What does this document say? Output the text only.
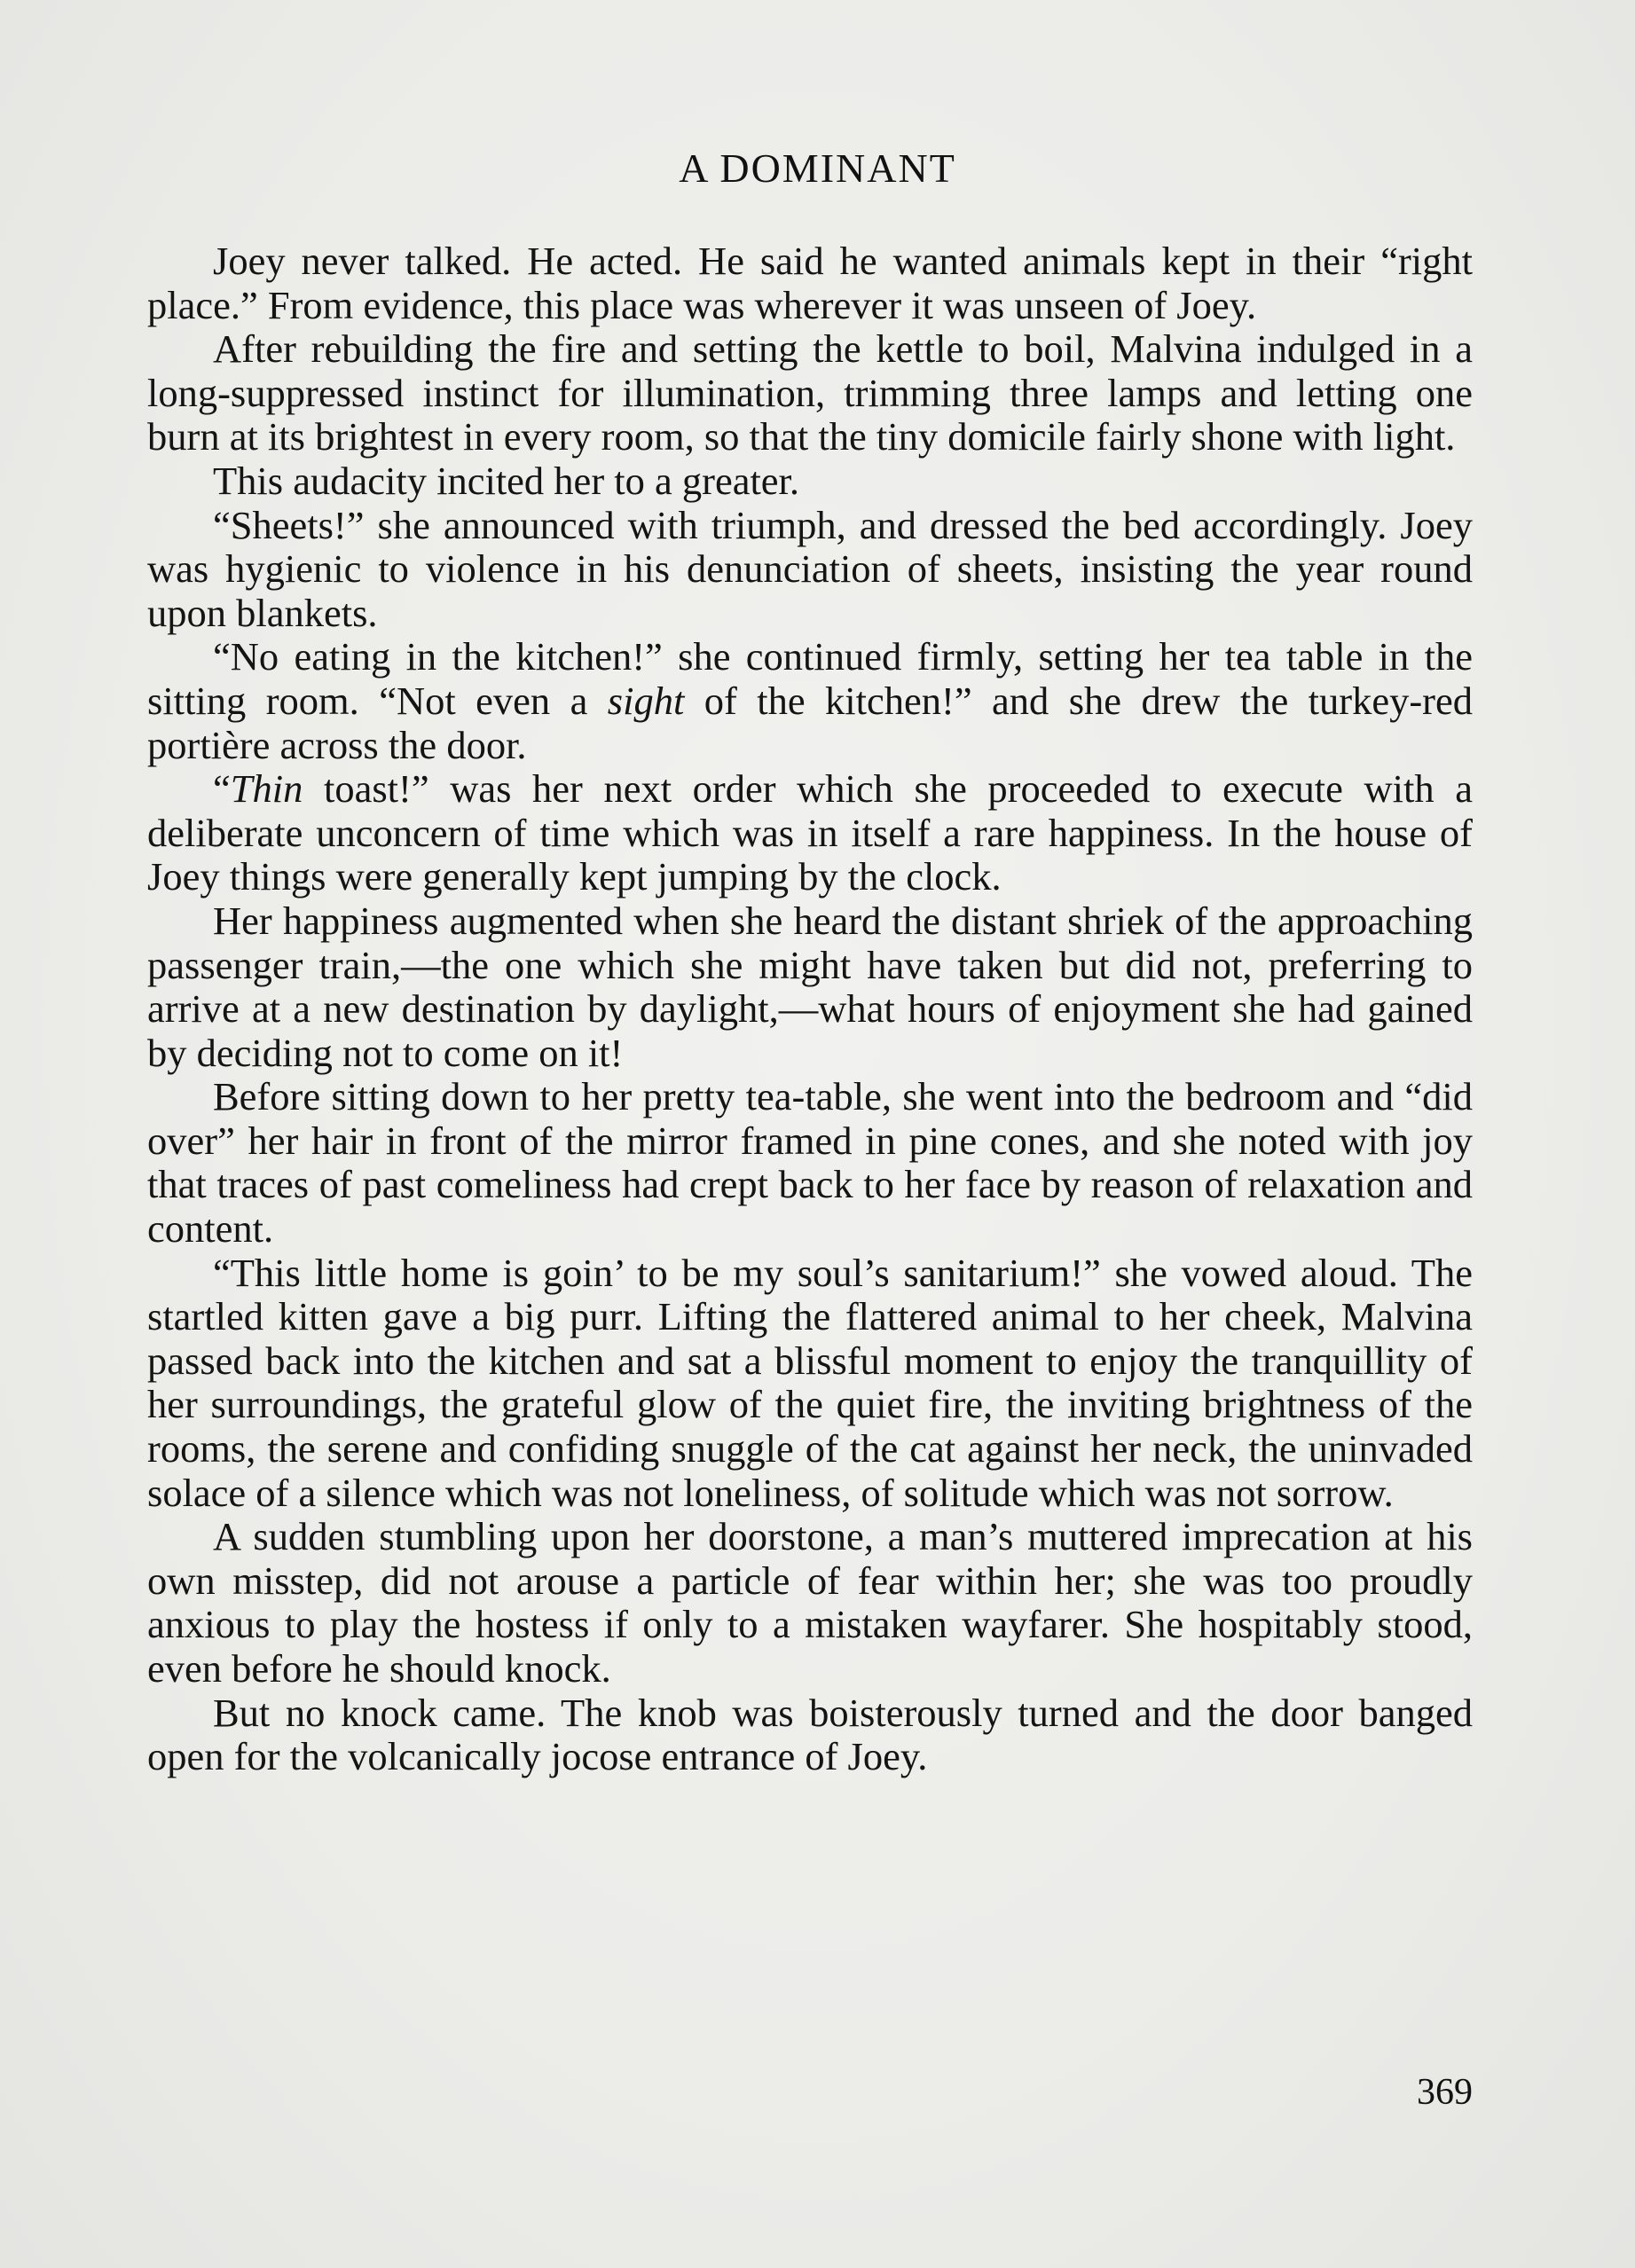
A DOMINANT

Joey never talked. He acted. He said he wanted animals kept in their “right place.” From evidence, this place was wherever it was unseen of Joey.

After rebuilding the fire and setting the kettle to boil, Malvina indulged in a long-suppressed instinct for illumination, trimming three lamps and letting one burn at its brightest in every room, so that the tiny domicile fairly shone with light.

This audacity incited her to a greater.

“Sheets!” she announced with triumph, and dressed the bed accordingly. Joey was hygienic to violence in his denunciation of sheets, insisting the year round upon blankets.

“No eating in the kitchen!” she continued firmly, setting her tea table in the sitting room. “Not even a sight of the kitchen!” and she drew the turkey-red portière across the door.

“Thin toast!” was her next order which she proceeded to execute with a deliberate unconcern of time which was in itself a rare happiness. In the house of Joey things were generally kept jumping by the clock.

Her happiness augmented when she heard the distant shriek of the approaching passenger train,—the one which she might have taken but did not, preferring to arrive at a new destination by daylight,—what hours of enjoyment she had gained by deciding not to come on it!

Before sitting down to her pretty tea-table, she went into the bedroom and “did over” her hair in front of the mirror framed in pine cones, and she noted with joy that traces of past comeliness had crept back to her face by reason of relaxation and content.

“This little home is goin’ to be my soul’s sanitarium!” she vowed aloud. The startled kitten gave a big purr. Lifting the flattered animal to her cheek, Malvina passed back into the kitchen and sat a blissful moment to enjoy the tranquillity of her surroundings, the grateful glow of the quiet fire, the inviting brightness of the rooms, the serene and confiding snuggle of the cat against her neck, the uninvaded solace of a silence which was not loneliness, of solitude which was not sorrow.

A sudden stumbling upon her doorstone, a man’s muttered imprecation at his own misstep, did not arouse a particle of fear within her; she was too proudly anxious to play the hostess if only to a mistaken wayfarer. She hospitably stood, even before he should knock.

But no knock came. The knob was boisterously turned and the door banged open for the volcanically jocose entrance of Joey.

369
